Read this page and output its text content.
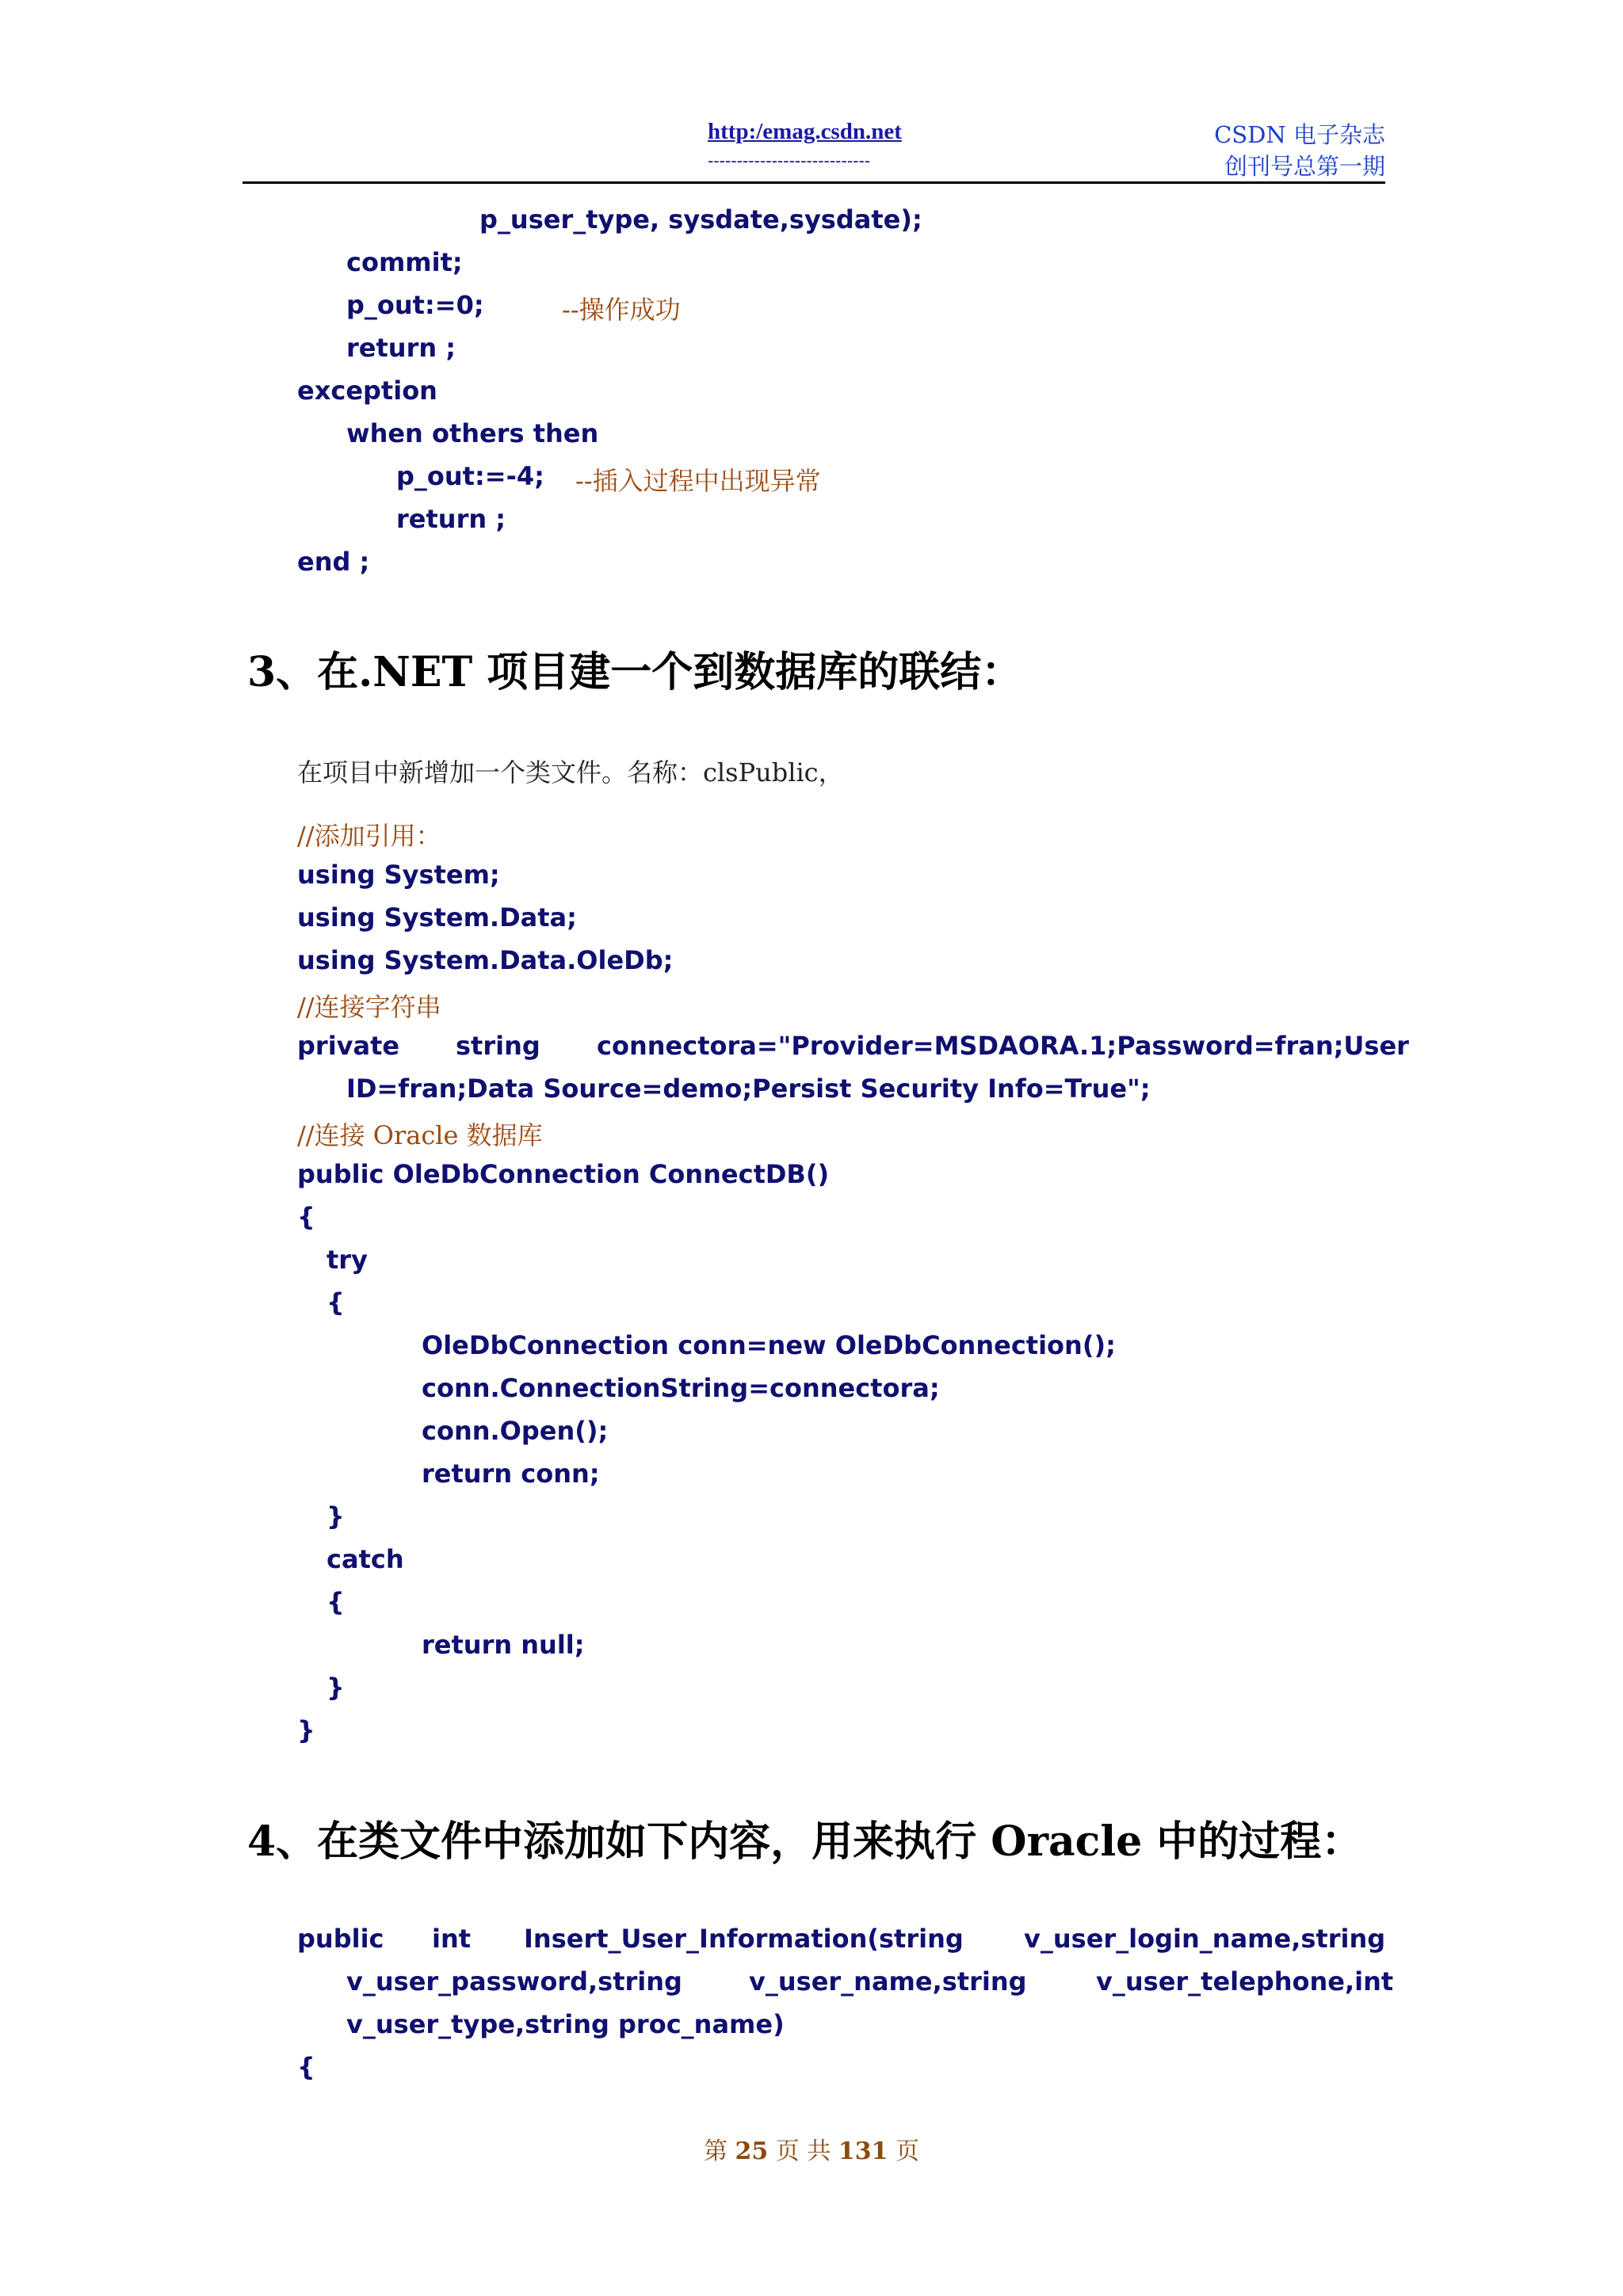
http:/emag.csdn.net
----------------------------
CSDN 电子杂志
创刊号总第一期
p_user_type, sysdate,sysdate);
commit;
p_out:=0;	--操作成功
return ;
exception
when others then
p_out:=-4; --插入过程中出现异常
return ;
end ;
3、在.NET 项目建一个到数据库的联结：
在项目中新增加一个类文件。名称：clsPublic，
//添加引用：
using System;
using System.Data;
using System.Data.OleDb;
//连接字符串
private string connectora="Provider=MSDAORA.1;Password=fran;User
ID=fran;Data Source=demo;Persist Security Info=True";
//连接 Oracle 数据库
public OleDbConnection ConnectDB()
{
try
{
OleDbConnection conn=new OleDbConnection();
conn.ConnectionString=connectora;
conn.Open();
return conn;
}
catch
{
return null;
}
}
4、在类文件中添加如下内容，用来执行 Oracle 中的过程：
public int Insert_User_Information(string v_user_login_name,string
v_user_password,string	v_user_name,string	v_user_telephone,int
v_user_type,string proc_name)
{
第 25 页 共 131 页
